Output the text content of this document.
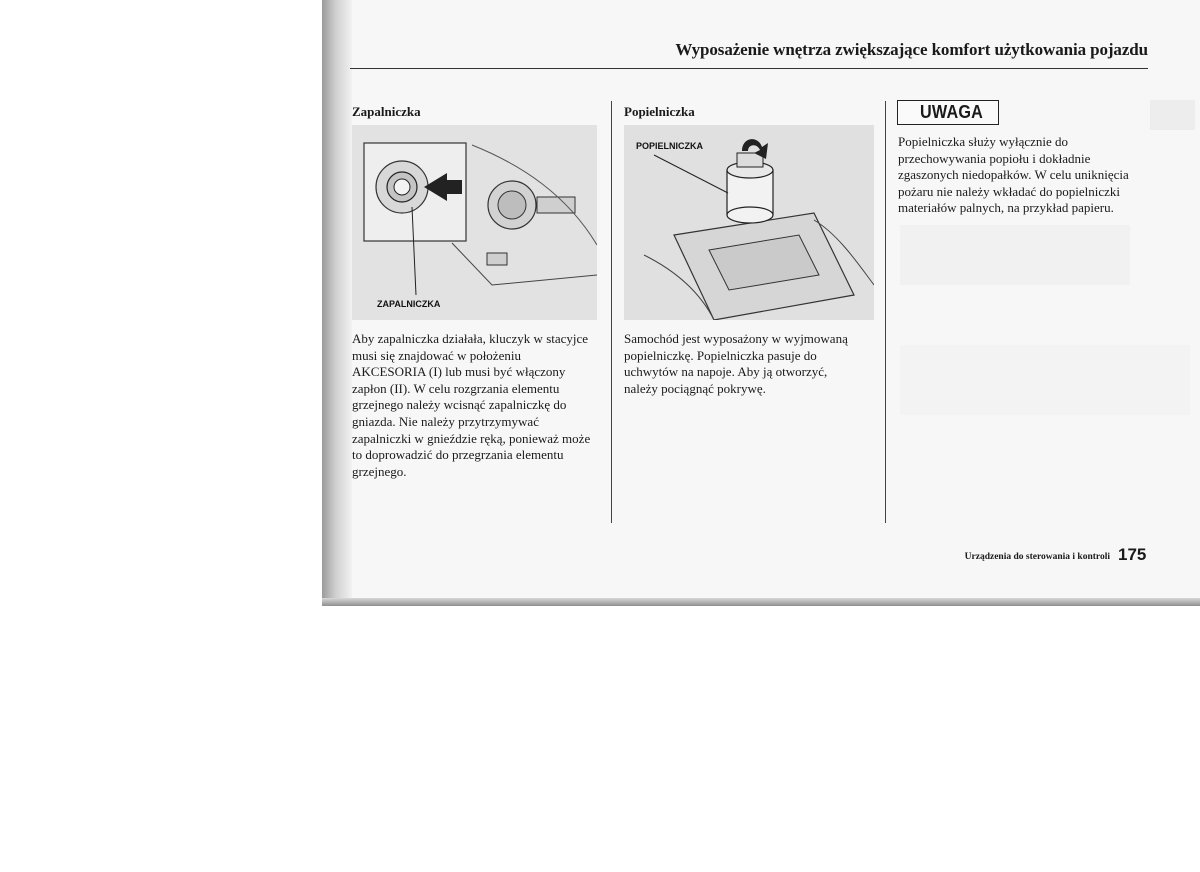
Wyposażenie wnętrza zwiększające komfort użytkowania pojazdu
Zapalniczka
ZAPALNICZKA

Aby zapalniczka działała, kluczyk w stacyjce
musi się znajdować w położeniu
AKCESORIA (I) lub musi być włączony
zapłon (II). W celu rozgrzania elementu
grzejnego należy wcisnąć zapalniczkę do
gniazda. Nie należy przytrzymywać
zapalniczki w gnieździe ręką, ponieważ może
to doprowadzić do przegrzania elementu
grzejnego.

Popielniczka
POPIELNICZKA

Samochód jest wyposażony w wyjmowaną
popielniczkę. Popielniczka pasuje do
uchwytów na napoje. Aby ją otworzyć,
należy pociągnąć pokrywę.

UWAGA

Popielniczka służy wyłącznie do
przechowywania popiołu i dokładnie
zgaszonych niedopałków. W celu uniknięcia
pożaru nie należy wkładać do popielniczki
materiałów palnych, na przykład papieru.

Urządzenia do sterowania i kontroli 175
